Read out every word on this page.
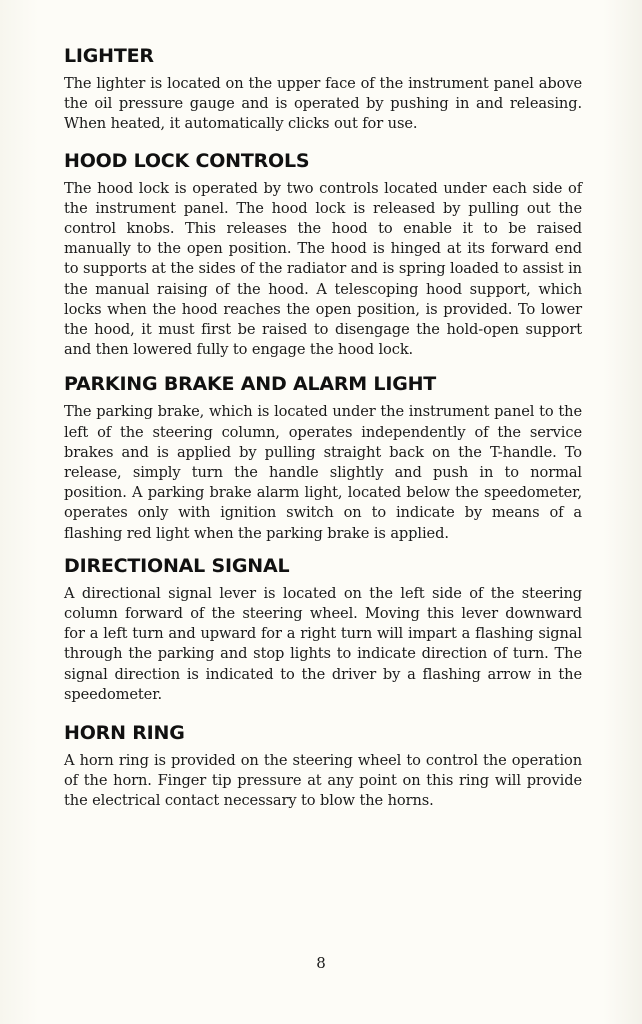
LIGHTER

The lighter is located on the upper face of the instrument panel above the oil pressure gauge and is operated by pushing in and releasing. When heated, it automatically clicks out for use.

HOOD LOCK CONTROLS

The hood lock is operated by two controls located under each side of the instrument panel. The hood lock is released by pulling out the control knobs. This releases the hood to enable it to be raised manually to the open position. The hood is hinged at its forward end to supports at the sides of the radiator and is spring loaded to assist in the manual raising of the hood. A telescoping hood support, which locks when the hood reaches the open position, is provided. To lower the hood, it must first be raised to disengage the hold-open support and then lowered fully to engage the hood lock.

PARKING BRAKE AND ALARM LIGHT

The parking brake, which is located under the instrument panel to the left of the steering column, operates independently of the service brakes and is applied by pulling straight back on the T-handle. To release, simply turn the handle slightly and push in to normal position. A parking brake alarm light, located below the speedometer, operates only with ignition switch on to indicate by means of a flashing red light when the parking brake is applied.

DIRECTIONAL SIGNAL

A directional signal lever is located on the left side of the steering column forward of the steering wheel. Moving this lever downward for a left turn and upward for a right turn will impart a flashing signal through the parking and stop lights to indicate direction of turn. The signal direction is indicated to the driver by a flashing arrow in the speedometer.

HORN RING

A horn ring is provided on the steering wheel to control the operation of the horn. Finger tip pressure at any point on this ring will provide the electrical contact necessary to blow the horns.

8
